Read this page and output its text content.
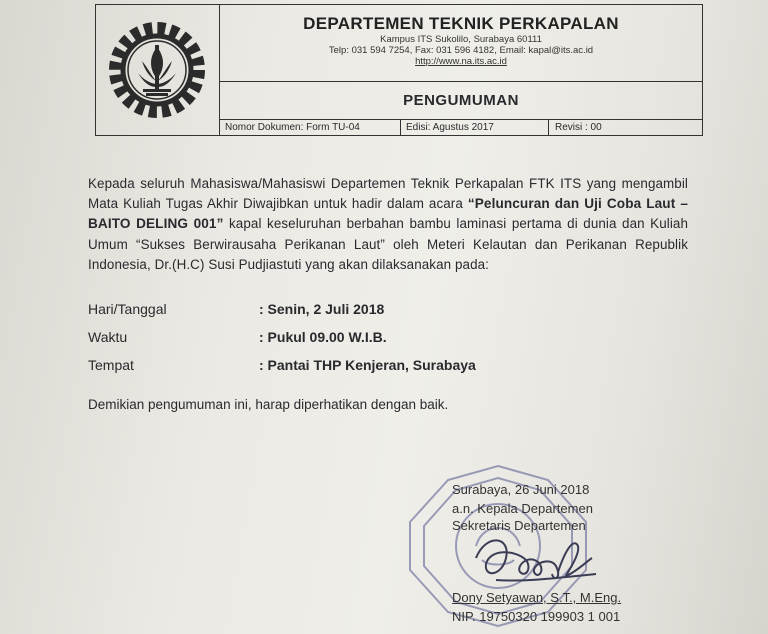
DEPARTEMEN TEKNIK PERKAPALAN
Kampus ITS Sukolilo, Surabaya 60111
Telp: 031 594 7254, Fax: 031 596 4182, Email: kapal@its.ac.id
http://www.na.its.ac.id
PENGUMUMAN
Nomor Dokumen: Form TU-04	Edisi: Agustus 2017	Revisi : 00
Kepada seluruh Mahasiswa/Mahasiswi Departemen Teknik Perkapalan FTK ITS yang mengambil Mata Kuliah Tugas Akhir Diwajibkan untuk hadir dalam acara “Peluncuran dan Uji Coba Laut – BAITO DELING 001” kapal keseluruhan berbahan bambu laminasi pertama di dunia dan Kuliah Umum “Sukses Berwirausaha Perikanan Laut” oleh Meteri Kelautan dan Perikanan Republik Indonesia, Dr.(H.C) Susi Pudjiastuti yang akan dilaksanakan pada:
Hari/Tanggal	: Senin, 2 Juli 2018
Waktu	: Pukul 09.00 W.I.B.
Tempat	: Pantai THP Kenjeran, Surabaya
Demikian pengumuman ini, harap diperhatikan dengan baik.
Surabaya, 26 Juni 2018
a.n. Kepala Departemen
Sekretaris Departemen
Dony Setyawan, S.T., M.Eng.
NIP. 19750320 199903 1 001
